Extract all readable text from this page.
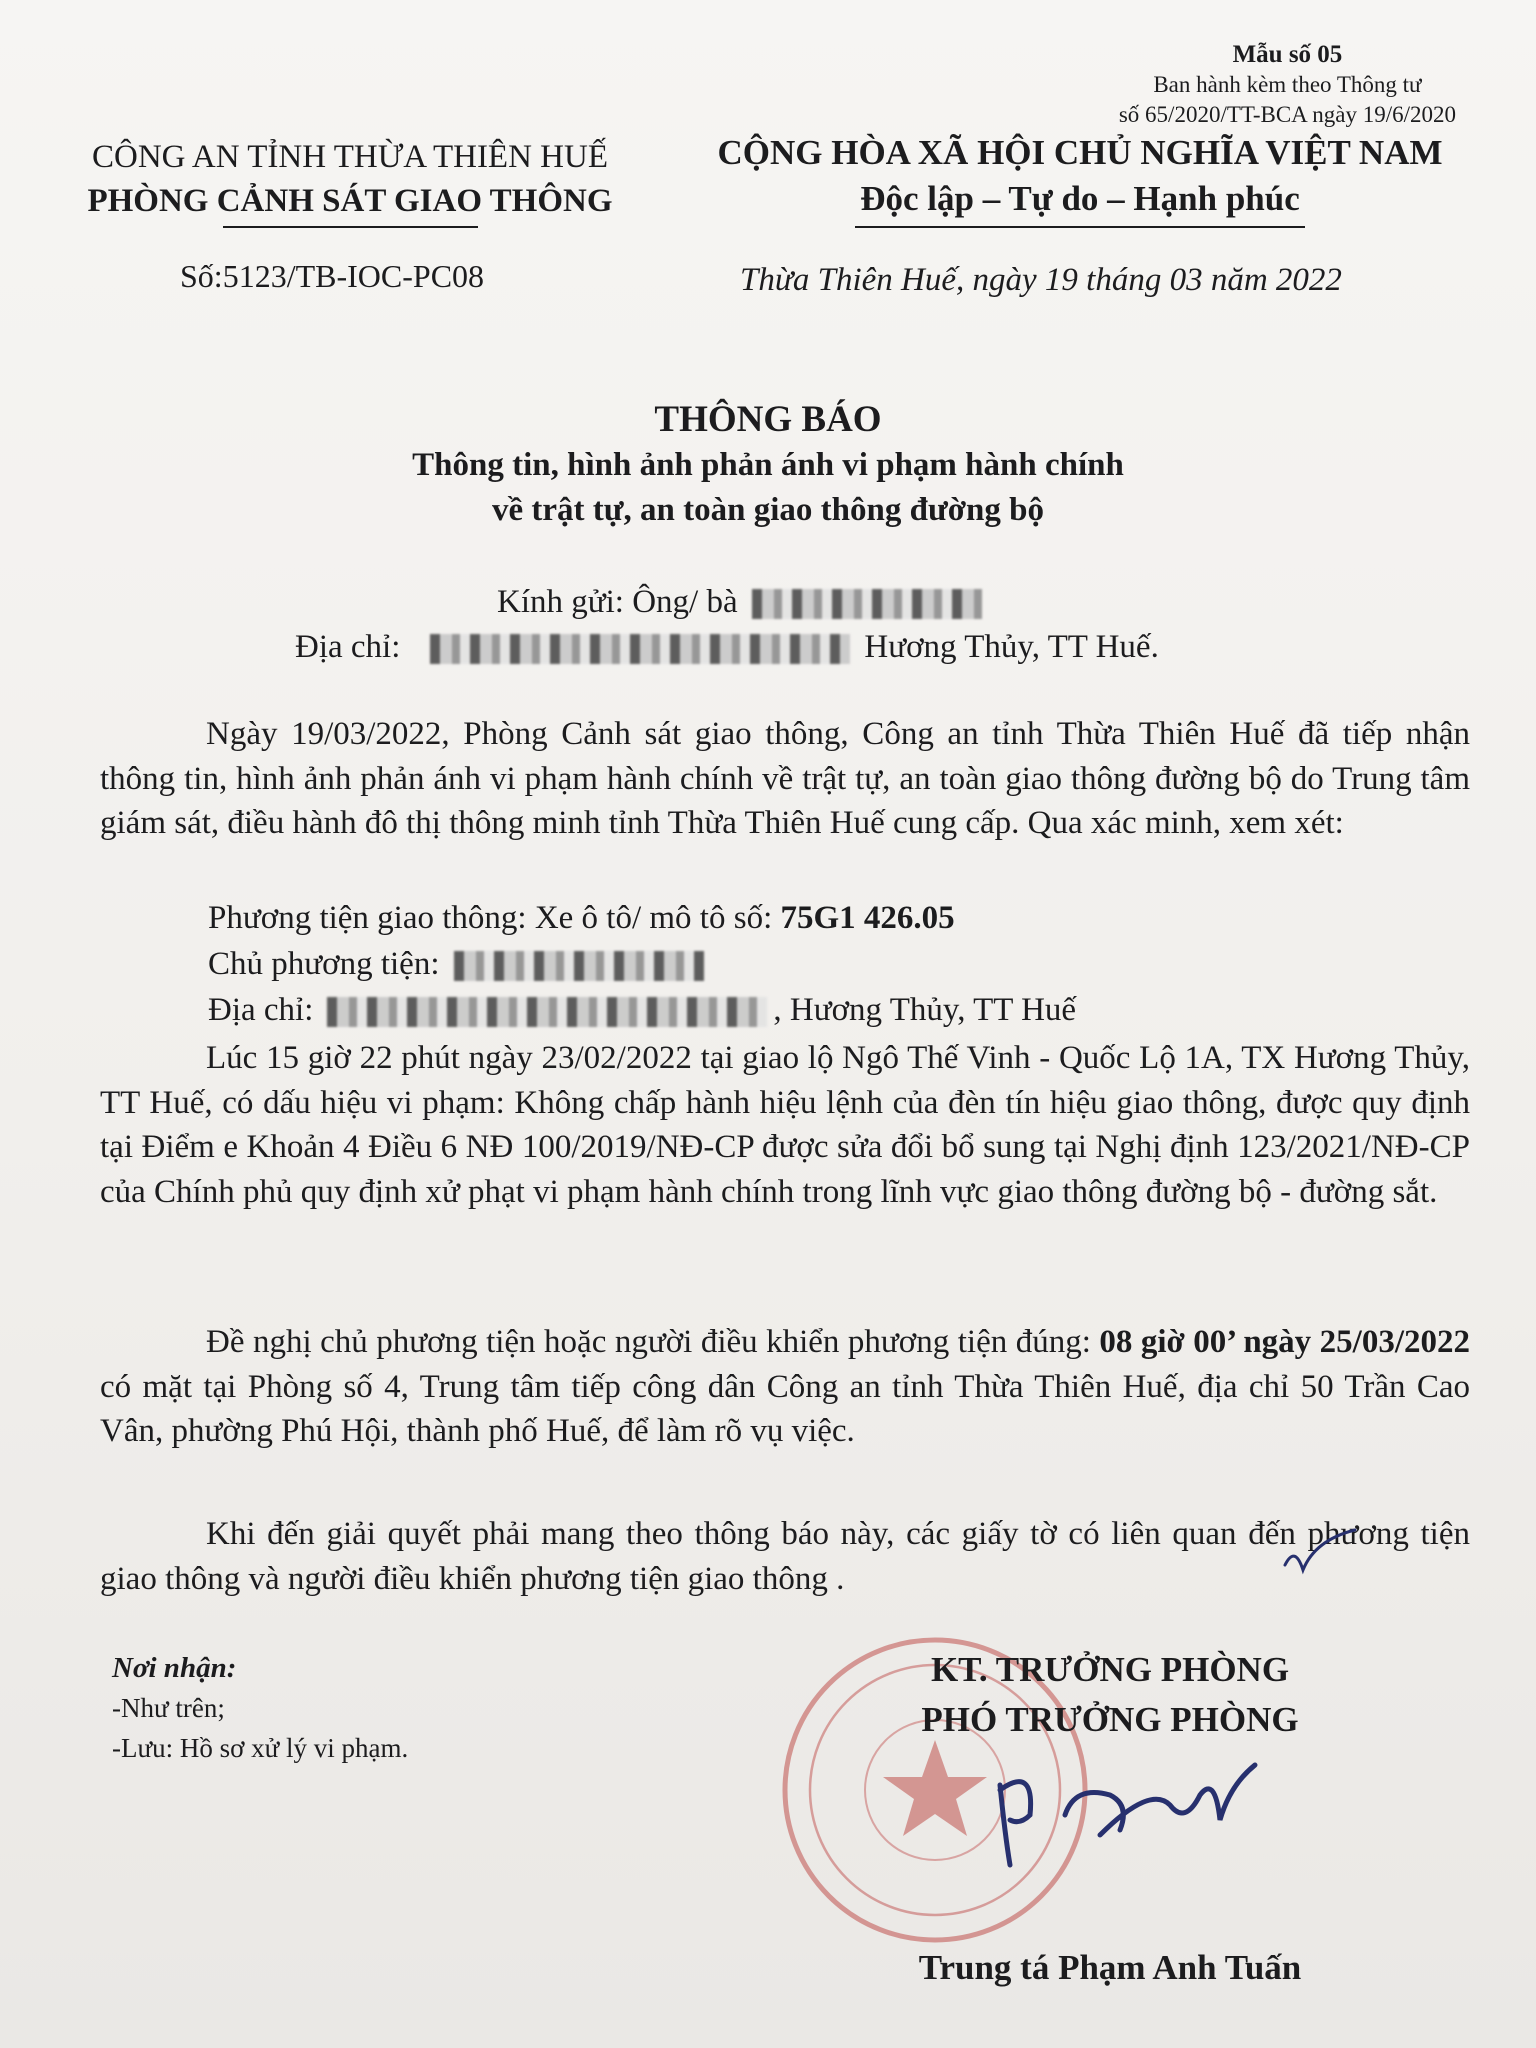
Mẫu số 05
Ban hành kèm theo Thông tư
số 65/2020/TT-BCA ngày 19/6/2020
CÔNG AN TỈNH THỪA THIÊN HUẾ
PHÒNG CẢNH SÁT GIAO THÔNG
CỘNG HÒA XÃ HỘI CHỦ NGHĨA VIỆT NAM
Độc lập – Tự do – Hạnh phúc
Số:5123/TB-IOC-PC08	Thừa Thiên Huế, ngày 19 tháng 03 năm 2022
THÔNG BÁO
Thông tin, hình ảnh phản ánh vi phạm hành chính
về trật tự, an toàn giao thông đường bộ
Kính gửi: Ông/ bà
Địa chỉ:	Hương Thủy, TT Huế.
Ngày 19/03/2022, Phòng Cảnh sát giao thông, Công an tỉnh Thừa Thiên Huế đã tiếp nhận thông tin, hình ảnh phản ánh vi phạm hành chính về trật tự, an toàn giao thông đường bộ do Trung tâm giám sát, điều hành đô thị thông minh tỉnh Thừa Thiên Huế cung cấp. Qua xác minh, xem xét:
Phương tiện giao thông: Xe ô tô/ mô tô số: 75G1 426.05
Chủ phương tiện:
Địa chỉ:	, Hương Thủy, TT Huế
Lúc 15 giờ 22 phút ngày 23/02/2022 tại giao lộ Ngô Thế Vinh - Quốc Lộ 1A, TX Hương Thủy, TT Huế, có dấu hiệu vi phạm: Không chấp hành hiệu lệnh của đèn tín hiệu giao thông, được quy định tại Điểm e Khoản 4 Điều 6 NĐ 100/2019/NĐ-CP được sửa đổi bổ sung tại Nghị định 123/2021/NĐ-CP của Chính phủ quy định xử phạt vi phạm hành chính trong lĩnh vực giao thông đường bộ - đường sắt.
Đề nghị chủ phương tiện hoặc người điều khiển phương tiện đúng: 08 giờ 00’ ngày 25/03/2022 có mặt tại Phòng số 4, Trung tâm tiếp công dân Công an tỉnh Thừa Thiên Huế, địa chỉ 50 Trần Cao Vân, phường Phú Hội, thành phố Huế, để làm rõ vụ việc.
Khi đến giải quyết phải mang theo thông báo này, các giấy tờ có liên quan đến phương tiện giao thông và người điều khiển phương tiện giao thông .
Nơi nhận:
-Như trên;
-Lưu: Hồ sơ xử lý vi phạm.
KT. TRƯỞNG PHÒNG
PHÓ TRƯỞNG PHÒNG
Trung tá Phạm Anh Tuấn
